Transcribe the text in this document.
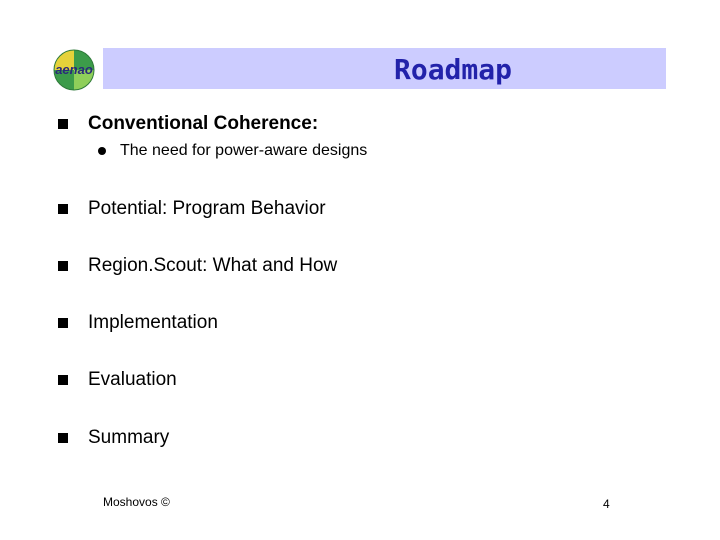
aenao	Roadmap
Conventional Coherence:
The need for power-aware designs
Potential: Program Behavior
Region.Scout: What and How
Implementation
Evaluation
Summary
Moshovos ©	4
